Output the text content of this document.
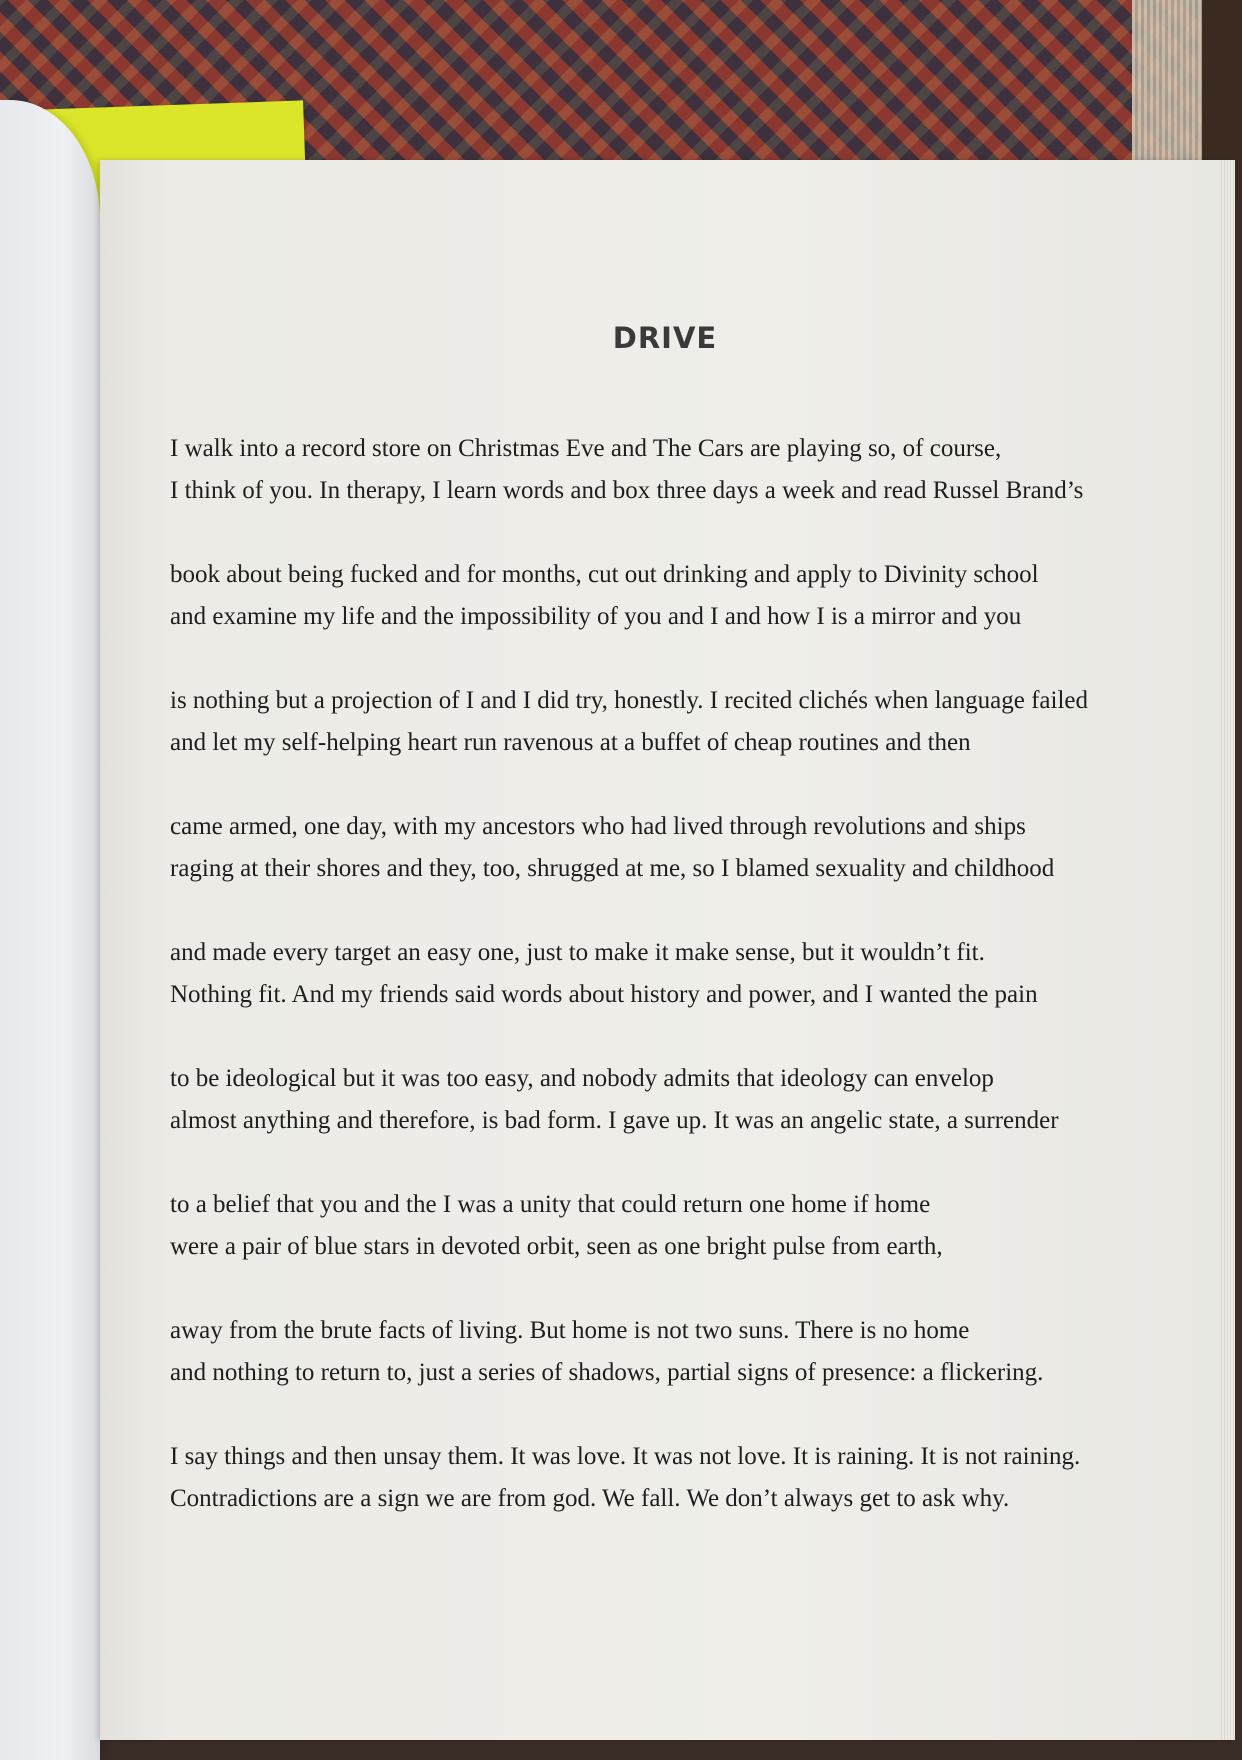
DRIVE
I walk into a record store on Christmas Eve and The Cars are playing so, of course,
I think of you. In therapy, I learn words and box three days a week and read Russel Brand’s
book about being fucked and for months, cut out drinking and apply to Divinity school
and examine my life and the impossibility of you and I and how I is a mirror and you
is nothing but a projection of I and I did try, honestly. I recited clichés when language failed
and let my self-helping heart run ravenous at a buffet of cheap routines and then
came armed, one day, with my ancestors who had lived through revolutions and ships
raging at their shores and they, too, shrugged at me, so I blamed sexuality and childhood
and made every target an easy one, just to make it make sense, but it wouldn’t fit.
Nothing fit. And my friends said words about history and power, and I wanted the pain
to be ideological but it was too easy, and nobody admits that ideology can envelop
almost anything and therefore, is bad form. I gave up. It was an angelic state, a surrender
to a belief that you and the I was a unity that could return one home if home
were a pair of blue stars in devoted orbit, seen as one bright pulse from earth,
away from the brute facts of living. But home is not two suns. There is no home
and nothing to return to, just a series of shadows, partial signs of presence: a flickering.
I say things and then unsay them. It was love. It was not love. It is raining. It is not raining.
Contradictions are a sign we are from god. We fall. We don’t always get to ask why.
